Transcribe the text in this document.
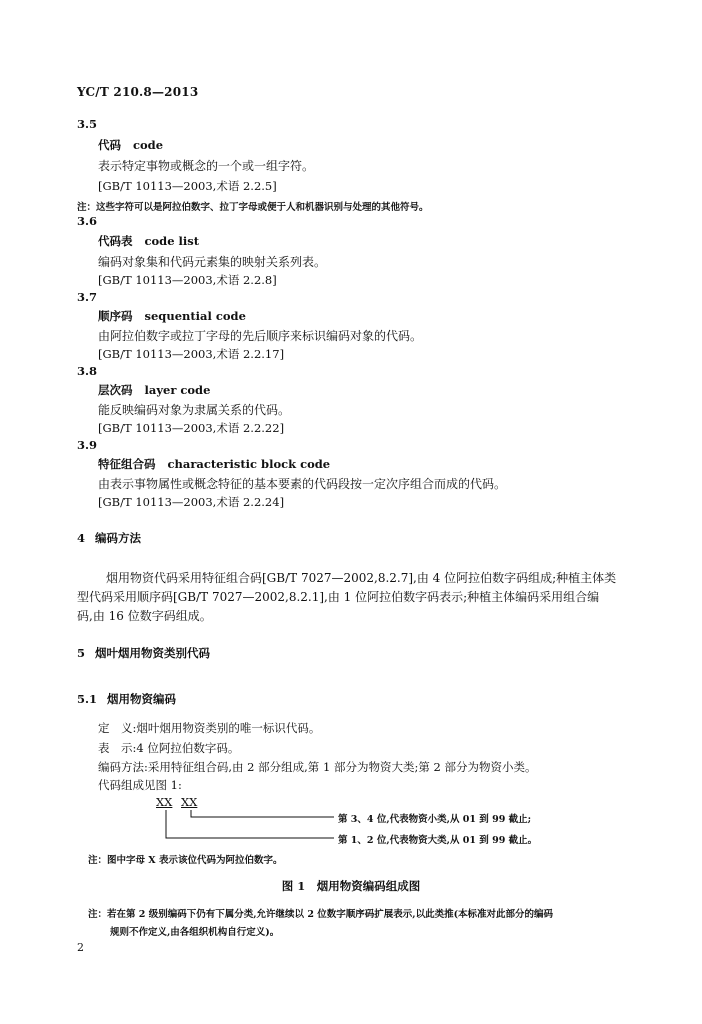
YC/T 210.8—2013
3.5
代码 code
表示特定事物或概念的一个或一组字符。
[GB/T 10113—2003,术语 2.2.5]
注：这些字符可以是阿拉伯数字、拉丁字母或便于人和机器识别与处理的其他符号。
3.6
代码表 code list
编码对象集和代码元素集的映射关系列表。
[GB/T 10113—2003,术语 2.2.8]
3.7
顺序码 sequential code
由阿拉伯数字或拉丁字母的先后顺序来标识编码对象的代码。
[GB/T 10113—2003,术语 2.2.17]
3.8
层次码 layer code
能反映编码对象为隶属关系的代码。
[GB/T 10113—2003,术语 2.2.22]
3.9
特征组合码 characteristic block code
由表示事物属性或概念特征的基本要素的代码段按一定次序组合而成的代码。
[GB/T 10113—2003,术语 2.2.24]
4 编码方法
烟用物资代码采用特征组合码[GB/T 7027—2002,8.2.7],由 4 位阿拉伯数字码组成;种植主体类
型代码采用顺序码[GB/T 7027—2002,8.2.1],由 1 位阿拉伯数字码表示;种植主体编码采用组合编
码,由 16 位数字码组成。
5 烟叶烟用物资类别代码
5.1 烟用物资编码
定　义:烟叶烟用物资类别的唯一标识代码。
表　示:4 位阿拉伯数字码。
编码方法:采用特征组合码,由 2 部分组成,第 1 部分为物资大类;第 2 部分为物资小类。
代码组成见图 1:
XX XX
第 3、4 位,代表物资小类,从 01 到 99 截止;
第 1、2 位,代表物资大类,从 01 到 99 截止。
注：图中字母 X 表示该位代码为阿拉伯数字。
图 1　烟用物资编码组成图
注：若在第 2 级别编码下仍有下属分类,允许继续以 2 位数字顺序码扩展表示,以此类推(本标准对此部分的编码
规则不作定义,由各组织机构自行定义)。
2
